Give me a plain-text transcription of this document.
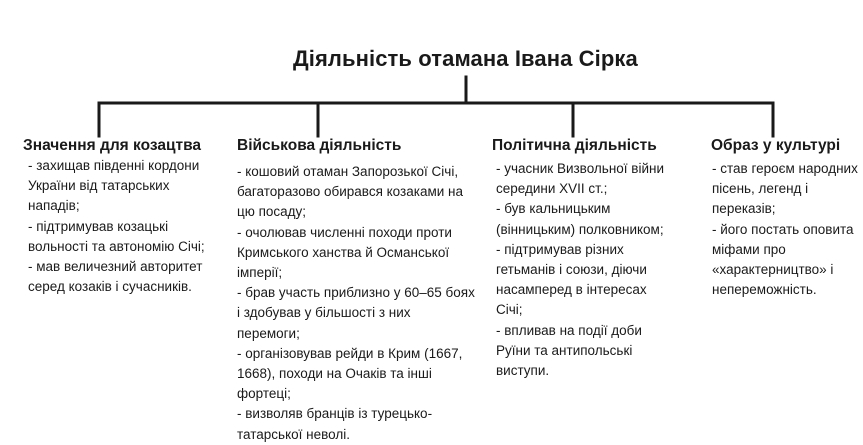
Діяльність отамана Івана Сірка
Значення для козацтва
- захищав південні кордони України від татарських нападів;
- підтримував козацькі вольності та автономію Січі;
- мав величезний авторитет серед козаків і сучасників.
Військова діяльність
- кошовий отаман Запорозької Січі, багаторазово обирався козаками на цю посаду;
- очолював численні походи проти Кримського ханства й Османської імперії;
- брав участь приблизно у 60–65 боях і здобував у більшості з них перемоги;
- організовував рейди в Крим (1667, 1668), походи на Очаків та інші фортеці;
- визволяв бранців із турецько-татарської неволі.
Політична діяльність
- учасник Визвольної війни середини XVII ст.;
- був кальницьким (вінницьким) полковником;
- підтримував різних гетьманів і союзи, діючи насамперед в інтересах Січі;
- впливав на події доби Руїни та антипольські виступи.
Образ у культурі
- став героєм народних пісень, легенд і переказів;
- його постать оповита міфами про «характерництво» і непереможність.
